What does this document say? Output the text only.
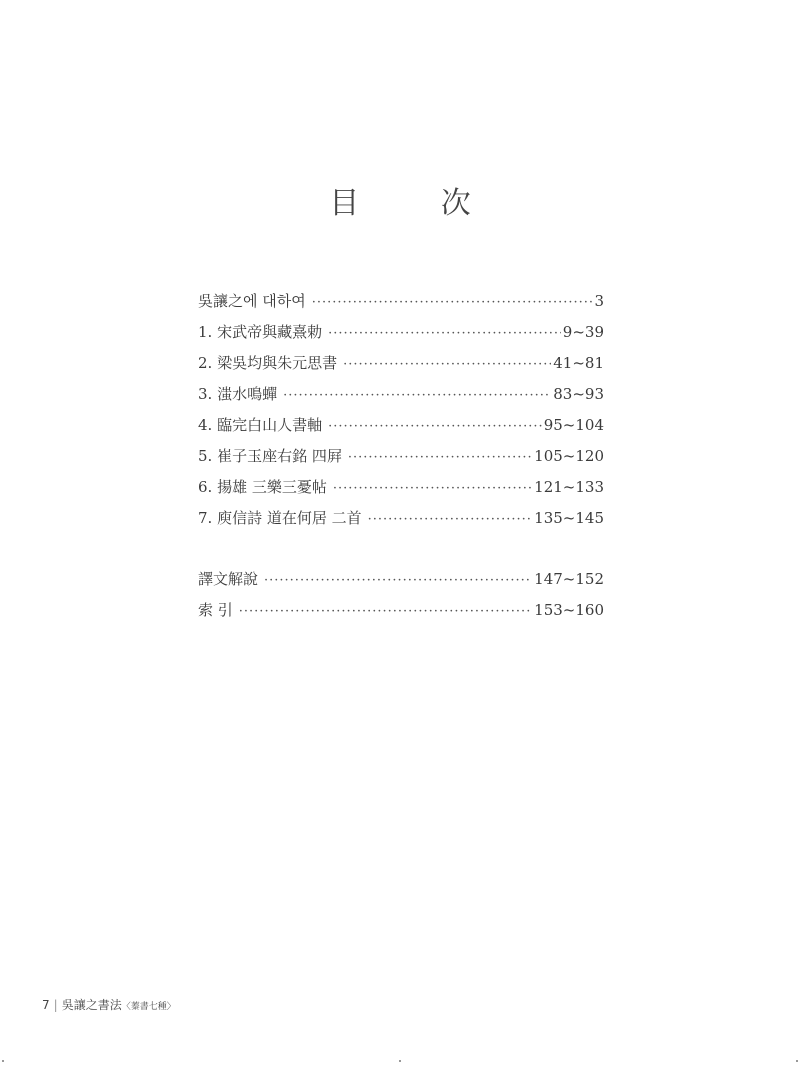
目 次
吳讓之에 대하여 ·····	3
1. 宋武帝與藏熹勅 ·····	9~39
2. 梁吳均與朱元思書 ·····	41~81
3. 滍水鳴蟬 ·····	83~93
4. 臨完白山人書軸 ·····	95~104
5. 崔子玉座右銘 四屛 ·····	105~120
6. 揚雄 三樂三憂帖 ·····	121~133
7. 庾信詩 道在何居 二首 ·····	135~145
譯文解說 ·····	147~152
索 引 ·····	153~160
7 | 吳讓之書法〈蓁書七種〉
